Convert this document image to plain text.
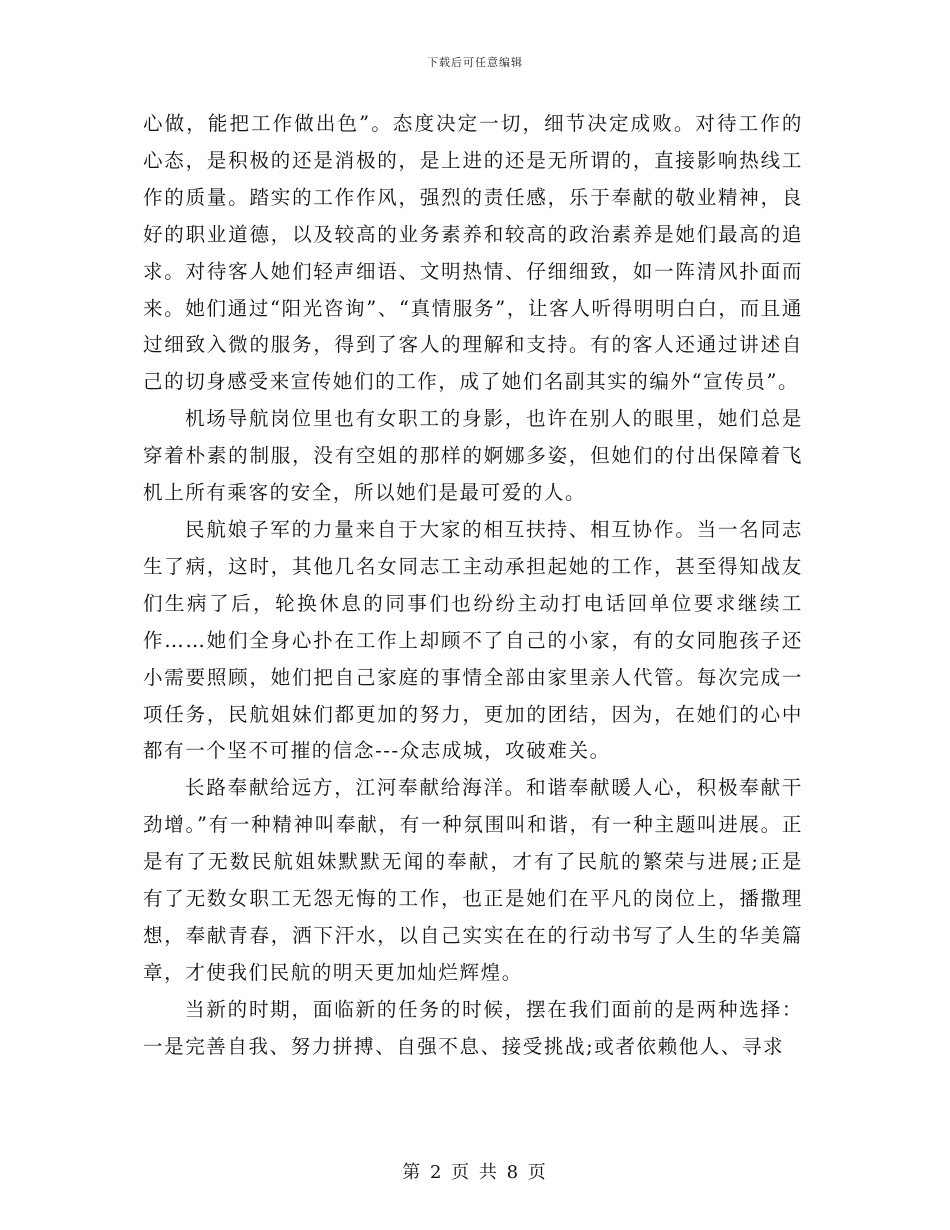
下载后可任意编辑

心做，能把工作做出色”。态度决定一切，细节决定成败。对待工作的心态，是积极的还是消极的，是上进的还是无所谓的，直接影响热线工作的质量。踏实的工作作风，强烈的责任感，乐于奉献的敬业精神，良好的职业道德，以及较高的业务素养和较高的政治素养是她们最高的追求。对待客人她们轻声细语、文明热情、仔细细致，如一阵清风扑面而来。她们通过“阳光咨询”、“真情服务”，让客人听得明明白白，而且通过细致入微的服务，得到了客人的理解和支持。有的客人还通过讲述自己的切身感受来宣传她们的工作，成了她们名副其实的编外“宣传员”。

机场导航岗位里也有女职工的身影，也许在别人的眼里，她们总是穿着朴素的制服，没有空姐的那样的婀娜多姿，但她们的付出保障着飞机上所有乘客的安全，所以她们是最可爱的人。

民航娘子军的力量来自于大家的相互扶持、相互协作。当一名同志生了病，这时，其他几名女同志工主动承担起她的工作，甚至得知战友们生病了后，轮换休息的同事们也纷纷主动打电话回单位要求继续工作……她们全身心扑在工作上却顾不了自己的小家，有的女同胞孩子还小需要照顾，她们把自己家庭的事情全部由家里亲人代管。每次完成一项任务，民航姐妹们都更加的努力，更加的团结，因为，在她们的心中都有一个坚不可摧的信念---众志成城，攻破难关。

长路奉献给远方，江河奉献给海洋。和谐奉献暖人心，积极奉献干劲增。”有一种精神叫奉献，有一种氛围叫和谐，有一种主题叫进展。正是有了无数民航姐妹默默无闻的奉献，才有了民航的繁荣与进展;正是有了无数女职工无怨无悔的工作，也正是她们在平凡的岗位上，播撒理想，奉献青春，洒下汗水，以自己实实在在的行动书写了人生的华美篇章，才使我们民航的明天更加灿烂辉煌。

当新的时期，面临新的任务的时候，摆在我们面前的是两种选择：一是完善自我、努力拼搏、自强不息、接受挑战;或者依赖他人、寻求

第 2 页 共 8 页
